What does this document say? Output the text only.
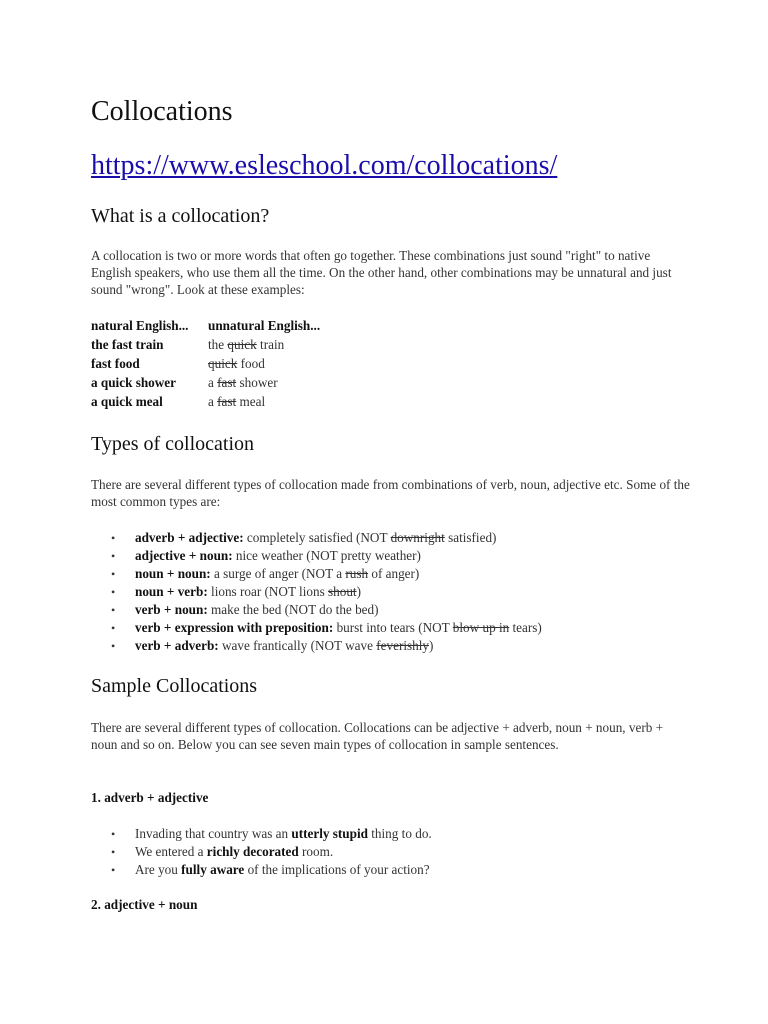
Collocations
https://www.esleschool.com/collocations/
What is a collocation?
A collocation is two or more words that often go together. These combinations just sound "right" to native English speakers, who use them all the time. On the other hand, other combinations may be unnatural and just sound "wrong". Look at these examples:
natural English...	unnatural English...
the fast train	the quick train
fast food	quick food
a quick shower	a fast shower
a quick meal	a fast meal
Types of collocation
There are several different types of collocation made from combinations of verb, noun, adjective etc. Some of the most common types are:
• adverb + adjective: completely satisfied (NOT downright satisfied)
• adjective + noun: nice weather (NOT pretty weather)
• noun + noun: a surge of anger (NOT a rush of anger)
• noun + verb: lions roar (NOT lions shout)
• verb + noun: make the bed (NOT do the bed)
• verb + expression with preposition: burst into tears (NOT blow up in tears)
• verb + adverb: wave frantically (NOT wave feverishly)
Sample Collocations
There are several different types of collocation. Collocations can be adjective + adverb, noun + noun, verb + noun and so on. Below you can see seven main types of collocation in sample sentences.
1. adverb + adjective
• Invading that country was an utterly stupid thing to do.
• We entered a richly decorated room.
• Are you fully aware of the implications of your action?
2. adjective + noun
